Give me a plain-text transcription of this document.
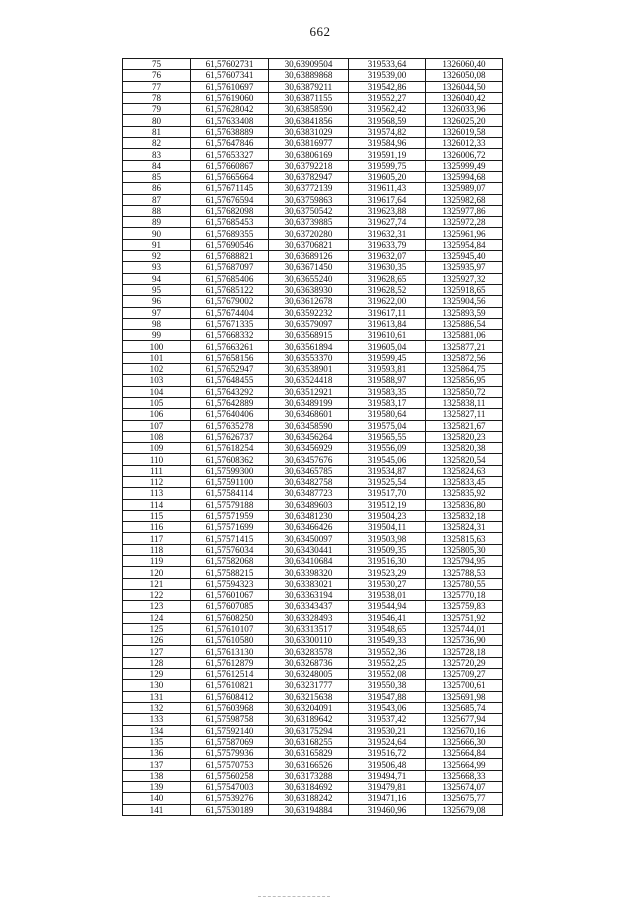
662
75	61,57602731	30,63909504	319533,64	1326060,40
76	61,57607341	30,63889868	319539,00	1326050,08
77	61,57610697	30,63879211	319542,86	1326044,50
78	61,57619060	30,63871155	319552,27	1326040,42
79	61,57628042	30,63858590	319562,42	1326033,96
80	61,57633408	30,63841856	319568,59	1326025,20
81	61,57638889	30,63831029	319574,82	1326019,58
82	61,57647846	30,63816977	319584,96	1326012,33
83	61,57653327	30,63806169	319591,19	1326006,72
84	61,57660867	30,63792218	319599,75	1325999,49
85	61,57665664	30,63782947	319605,20	1325994,68
86	61,57671145	30,63772139	319611,43	1325989,07
87	61,57676594	30,63759863	319617,64	1325982,68
88	61,57682098	30,63750542	319623,88	1325977,86
89	61,57685453	30,63739885	319627,74	1325972,28
90	61,57689355	30,63720280	319632,31	1325961,96
91	61,57690546	30,63706821	319633,79	1325954,84
92	61,57688821	30,63689126	319632,07	1325945,40
93	61,57687097	30,63671450	319630,35	1325935,97
94	61,57685406	30,63655240	319628,65	1325927,32
95	61,57685122	30,63638930	319628,52	1325918,65
96	61,57679002	30,63612678	319622,00	1325904,56
97	61,57674404	30,63592232	319617,11	1325893,59
98	61,57671335	30,63579097	319613,84	1325886,54
99	61,57668332	30,63568915	319610,61	1325881,06
100	61,57663261	30,63561894	319605,04	1325877,21
101	61,57658156	30,63553370	319599,45	1325872,56
102	61,57652947	30,63538901	319593,81	1325864,75
103	61,57648455	30,63524418	319588,97	1325856,95
104	61,57643292	30,63512921	319583,35	1325850,72
105	61,57642889	30,63489199	319583,17	1325838,11
106	61,57640406	30,63468601	319580,64	1325827,11
107	61,57635278	30,63458590	319575,04	1325821,67
108	61,57626737	30,63456264	319565,55	1325820,23
109	61,57618254	30,63456929	319556,09	1325820,38
110	61,57608362	30,63457676	319545,06	1325820,54
111	61,57599300	30,63465785	319534,87	1325824,63
112	61,57591100	30,63482758	319525,54	1325833,45
113	61,57584114	30,63487723	319517,70	1325835,92
114	61,57579188	30,63489603	319512,19	1325836,80
115	61,57571959	30,63481230	319504,23	1325832,18
116	61,57571699	30,63466426	319504,11	1325824,31
117	61,57571415	30,63450097	319503,98	1325815,63
118	61,57576034	30,63430441	319509,35	1325805,30
119	61,57582068	30,63410684	319516,30	1325794,95
120	61,57588215	30,63398320	319523,29	1325788,53
121	61,57594323	30,63383021	319530,27	1325780,55
122	61,57601067	30,63363194	319538,01	1325770,18
123	61,57607085	30,63343437	319544,94	1325759,83
124	61,57608250	30,63328493	319546,41	1325751,92
125	61,57610107	30,63313517	319548,65	1325744,01
126	61,57610580	30,63300110	319549,33	1325736,90
127	61,57613130	30,63283578	319552,36	1325728,18
128	61,57612879	30,63268736	319552,25	1325720,29
129	61,57612514	30,63248005	319552,08	1325709,27
130	61,57610821	30,63231777	319550,38	1325700,61
131	61,57608412	30,63215638	319547,88	1325691,98
132	61,57603968	30,63204091	319543,06	1325685,74
133	61,57598758	30,63189642	319537,42	1325677,94
134	61,57592140	30,63175294	319530,21	1325670,16
135	61,57587069	30,63168255	319524,64	1325666,30
136	61,57579936	30,63165829	319516,72	1325664,84
137	61,57570753	30,63166526	319506,48	1325664,99
138	61,57560258	30,63173288	319494,71	1325668,33
139	61,57547003	30,63184692	319479,81	1325674,07
140	61,57539276	30,63188242	319471,16	1325675,77
141	61,57530189	30,63194884	319460,96	1325679,08
